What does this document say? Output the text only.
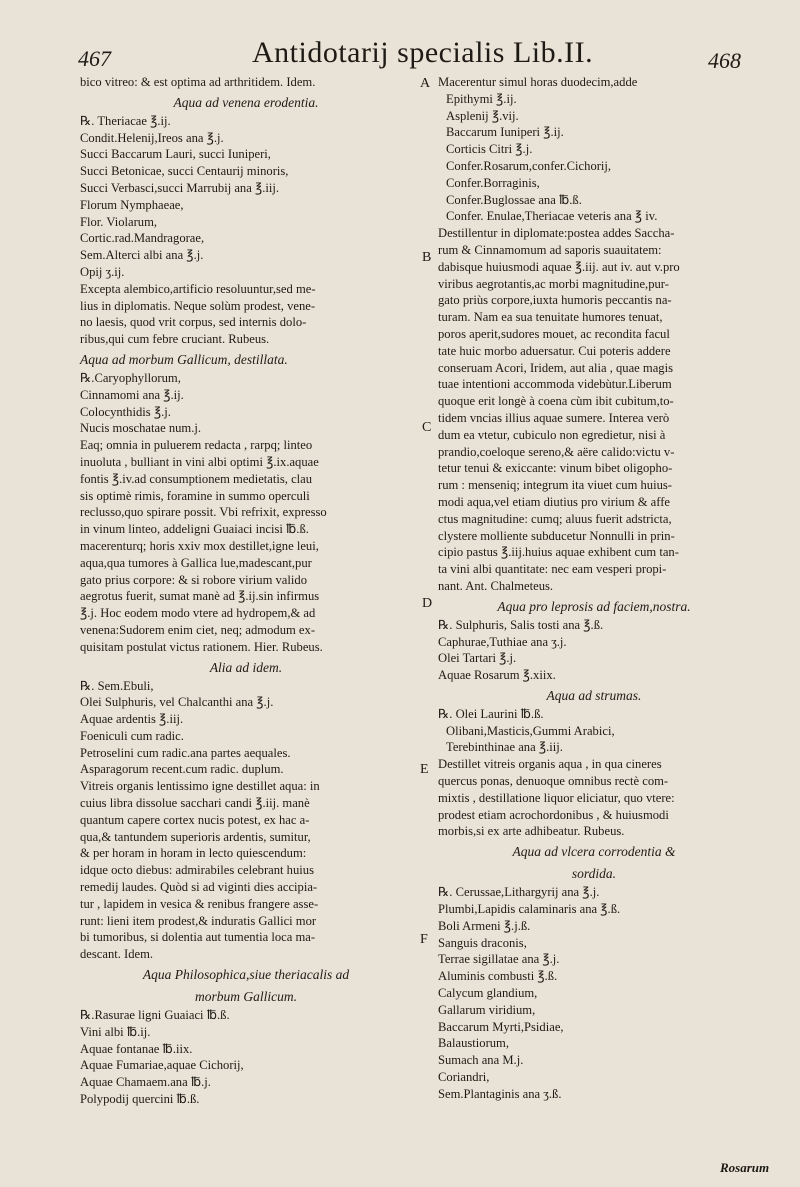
467	Antidotarij specialis Lib.II.	468

bico vitreo: & est optima ad arthritidem. Idem.

Aqua ad venena erodentia.

℞. Theriacae ℥.ij.

Condit.Helenij,Ireos ana ℥.j.

Succi Baccarum Lauri, succi Iuniperi,

Succi Betonicae, succi Centaurij minoris,

Succi Verbasci,succi Marrubij ana ℥.iij.

Florum Nymphaeae,

Flor. Violarum,

Cortic.rad.Mandragorae,

Sem.Alterci albi ana ℥.j.

Opij ʒ.ij.

Excepta alembico,artificio resoluuntur,sed me-

lius in diplomatis. Neque solùm prodest, vene-

no laesis, quod vrit corpus, sed internis dolo-

ribus,qui cum febre cruciant. Rubeus.

Aqua ad morbum Gallicum, destillata.

℞.Caryophyllorum,

Cinnamomi ana ℥.ij.

Colocynthidis ℥.j.

Nucis moschatae num.j.

Eaq; omnia in puluerem redacta , rarpq; linteo

inuoluta , bulliant in vini albi optimi ℥.ix.aquae

fontis ℥.iv.ad consumptionem medietatis, clau

sis optimè rimis, foramine in summo operculi

reclusso,quo spirare possit. Vbi refrixit, expresso

in vinum linteo, addeligni Guaiaci incisi ℔.ß.

macerenturq; horis xxiv mox destillet,igne leui,

aqua,qua tumores à Gallica lue,madescant,pur

gato prius corpore: & si robore virium valido

aegrotus fuerit, sumat manè ad ℥.ij.sin infirmus

℥.j. Hoc eodem modo vtere ad hydropem,& ad

venena:Sudorem enim ciet, neq; admodum ex-

quisitam postulat victus rationem. Hier. Rubeus.

Alia ad idem.

℞. Sem.Ebuli,

Olei Sulphuris, vel Chalcanthi ana ℥.j.

Aquae ardentis ℥.iij.

Foeniculi cum radic.

Petroselini cum radic.ana partes aequales.

Asparagorum recent.cum radic. duplum.

Vitreis organis lentissimo igne destillet aqua: in

cuius libra dissolue sacchari candi ℥.iij. manè

quantum capere cortex nucis potest, ex hac a-

qua,& tantundem superioris ardentis, sumitur,

& per horam in horam in lecto quiescendum:

idque octo diebus: admirabiles celebrant huius

remedij laudes. Quòd si ad viginti dies accipia-

tur , lapidem in vesica & renibus frangere asse-

runt: lieni item prodest,& induratis Gallici mor

bi tumoribus, si dolentia aut tumentia loca ma-

descant. Idem.

Aqua Philosophica,siue theriacalis ad

morbum Gallicum.

℞.Rasurae ligni Guaiaci ℔.ß.

Vini albi ℔.ij.

Aquae fontanae ℔.iix.

Aquae Fumariae,aquae Cichorij,

Aquae Chamaem.ana ℔.j.

Polypodij quercini ℔.ß.

Macerentur simul horas duodecim,adde

Epithymi ℥.ij.

Asplenij ℥.vij.

Baccarum Iuniperi ℥.ij.

Corticis Citri ℥.j.

Confer.Rosarum,confer.Cichorij,

Confer.Borraginis,

Confer.Buglossae ana ℔.ß.

Confer. Enulae,Theriacae veteris ana ℥ iv.

Destillentur in diplomate:postea addes Saccha-

rum & Cinnamomum ad saporis suauitatem:

dabisque huiusmodi aquae ℥.iij. aut iv. aut v.pro

viribus aegrotantis,ac morbi magnitudine,pur-

gato priùs corpore,iuxta humoris peccantis na-

turam. Nam ea sua tenuitate humores tenuat,

poros aperit,sudores mouet, ac recondita facul

tate huic morbo aduersatur. Cui poteris addere

conseruam Acori, Iridem, aut alia , quae magis

tuae intentioni accommoda videbùtur.Liberum

quoque erit longè à coena cùm ibit cubitum,to-

tidem vncias illius aquae sumere. Interea verò

dum ea vtetur, cubiculo non egredietur, nisi à

prandio,coeloque sereno,& aëre calido:victu v-

tetur tenui & exiccante: vinum bibet oligopho-

rum : menseniq; integrum ita viuet cum huius-

modi aqua,vel etiam diutius pro virium & affe

ctus magnitudine: cumq; aluus fuerit adstricta,

clystere molliente subducetur Nonnulli in prin-

cipio pastus ℥.iij.huius aquae exhibent cum tan-

ta vini albi quantitate: nec eam vesperi propi-

nant. Ant. Chalmeteus.

Aqua pro leprosis ad faciem,nostra.

℞. Sulphuris, Salis tosti ana ℥.ß.

Caphurae,Tuthiae ana ʒ.j.

Olei Tartari ℥.j.

Aquae Rosarum ℥.xiix.

Aqua ad strumas.

℞. Olei Laurini ℔.ß.

Olibani,Masticis,Gummi Arabici,

Terebinthinae ana ℥.iij.

Destillet vitreis organis aqua , in qua cineres

quercus ponas, denuoque omnibus rectè com-

mixtis , destillatione liquor eliciatur, quo vtere:

prodest etiam acrochordonibus , & huiusmodi

morbis,si ex arte adhibeatur. Rubeus.

Aqua ad vlcera corrodentia &

sordida.

℞. Cerussae,Lithargyrij ana ℥.j.

Plumbi,Lapidis calaminaris ana ℥.ß.

Boli Armeni ℥.j.ß.

Sanguis draconis,

Terrae sigillatae ana ℥.j.

Aluminis combusti ℥.ß.

Calycum glandium,

Gallarum viridium,

Baccarum Myrti,Psidiae,

Balaustiorum,

Sumach ana M.j.

Coriandri,

Sem.Plantaginis ana ʒ.ß.

A
B
C
D
E
F
Rosarum
